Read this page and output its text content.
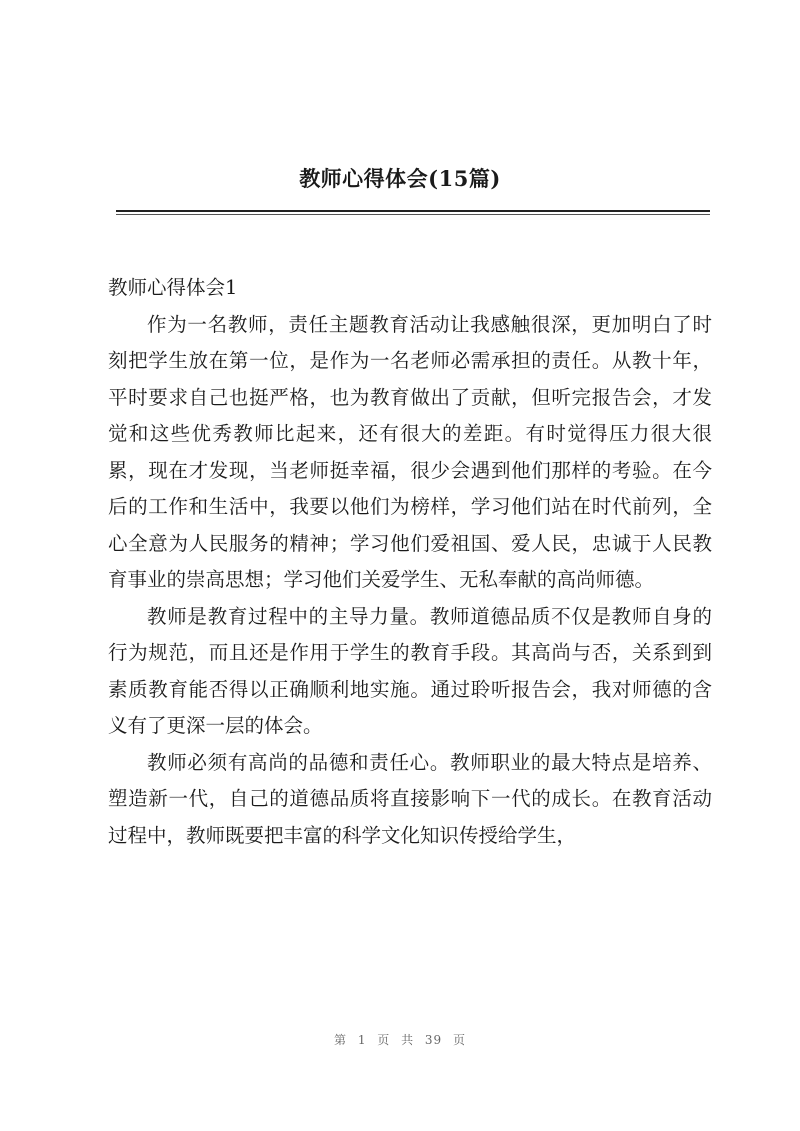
教师心得体会(15篇)

教师心得体会1

作为一名教师，责任主题教育活动让我感触很深，更加明白了时刻把学生放在第一位，是作为一名老师必需承担的责任。从教十年，平时要求自己也挺严格，也为教育做出了贡献，但听完报告会，才发觉和这些优秀教师比起来，还有很大的差距。有时觉得压力很大很累，现在才发现，当老师挺幸福，很少会遇到他们那样的考验。在今后的工作和生活中，我要以他们为榜样，学习他们站在时代前列，全心全意为人民服务的精神；学习他们爱祖国、爱人民，忠诚于人民教育事业的崇高思想；学习他们关爱学生、无私奉献的高尚师德。

教师是教育过程中的主导力量。教师道德品质不仅是教师自身的行为规范，而且还是作用于学生的教育手段。其高尚与否，关系到到素质教育能否得以正确顺利地实施。通过聆听报告会，我对师德的含义有了更深一层的体会。

教师必须有高尚的品德和责任心。教师职业的最大特点是培养、塑造新一代，自己的道德品质将直接影响下一代的成长。在教育活动过程中，教师既要把丰富的科学文化知识传授给学生，

第 1 页 共 39 页
